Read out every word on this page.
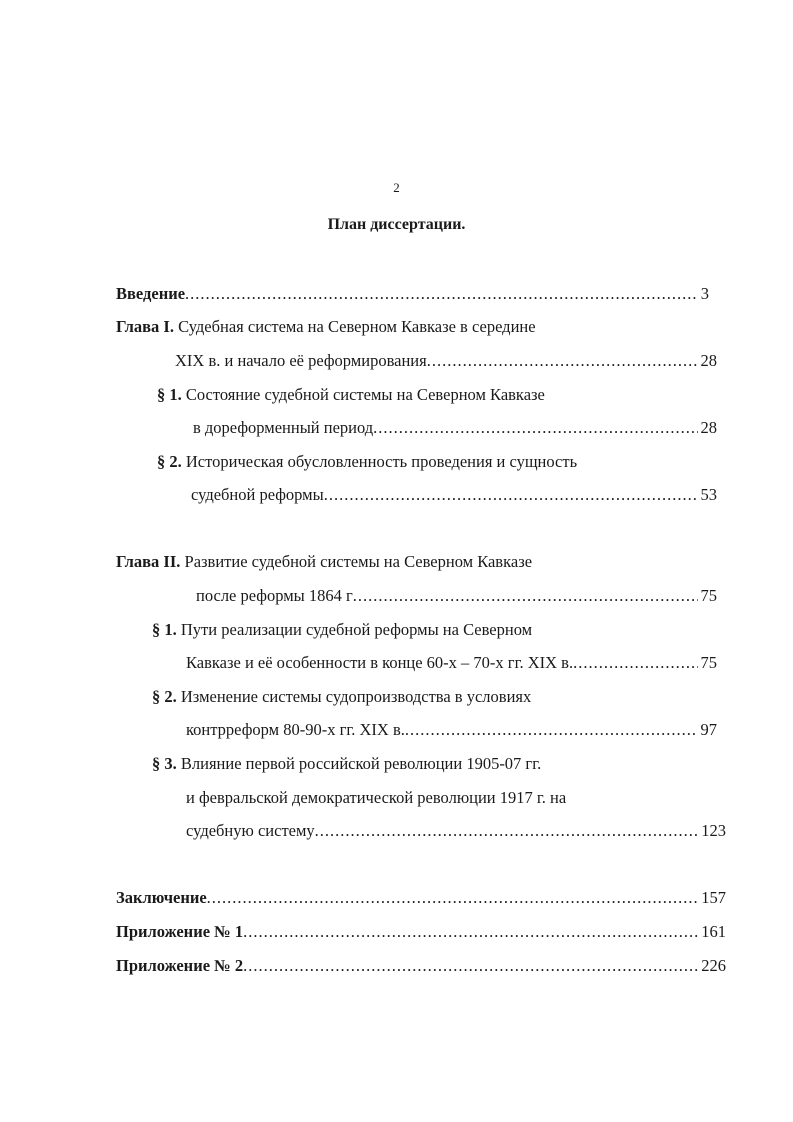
2
План диссертации.
Введение .....	3
Глава I. Судебная система на Северном Кавказе в середине
XIX в. и начало её реформирования .....	28
§ 1. Состояние судебной системы на Северном Кавказе
в дореформенный период .....	28
§ 2. Историческая обусловленность проведения и сущность
судебной реформы .....	53
Глава II. Развитие судебной системы на Северном Кавказе
после реформы 1864 г .....	75
§ 1. Пути реализации судебной реформы на Северном
Кавказе и её особенности в конце 60-х – 70-х гг. XIX в. .....	75
§ 2. Изменение системы судопроизводства в условиях
контрреформ 80-90-х гг. XIX в. .....	97
§ 3. Влияние первой российской революции 1905-07 гг.
и февральской демократической революции 1917 г. на
судебную систему .....	123
Заключение .....	157
Приложение № 1 .....	161
Приложение № 2 .....	226
